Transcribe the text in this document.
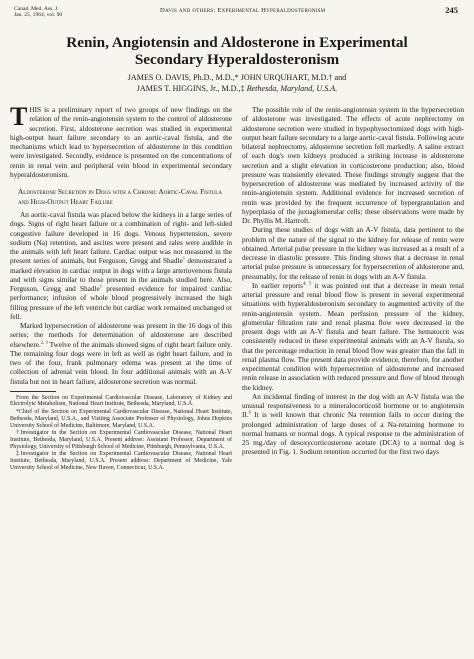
Canad. Med. Ass. J.
Jan. 25, 1964, vol. 90
Davis and others: Experimental Hyperaldosteronism	245
Renin, Angiotensin and Aldosterone in Experimental
Secondary Hyperaldosteronism
JAMES O. DAVIS, Ph.D., M.D.,* JOHN URQUHART, M.D.† and
JAMES T. HIGGINS, Jr., M.D.,‡ Bethesda, Maryland, U.S.A.

THIS is a preliminary report of two groups of new findings on the relation of the renin-angiotensin system to the control of aldosterone secretion. First, aldosterone secretion was studied in experimental high-output heart failure secondary to an aortic-caval fistula, and the mechanisms which lead to hypersecretion of aldosterone in this condition were investigated. Secondly, evidence is presented on the concentrations of renin in renal vein and peripheral vein blood in experimental secondary hyperaldosteronism.

Aldosterone Secretion in Dogs with a Chronic Aortic-Caval Fistula and High-Output Heart Failure

An aortic-caval fistula was placed below the kidneys in a large series of dogs. Signs of right heart failure or a combination of right- and left-sided congestive failure developed in 16 dogs. Venous hypertension, severe sodium (Na) retention, and ascites were present and rales were audible in the animals with left heart failure. Cardiac output was not measured in the present series of animals, but Ferguson, Gregg and Shadle$^1$ demonstrated a marked elevation in cardiac output in dogs with a large arteriovenous fistula and with signs similar to those present in the animals studied here. Also, Ferguson, Gregg and Shadle$^1$ presented evidence for impaired cardiac performance; infusion of whole blood progressively increased the high filling pressure of the left ventricle but cardiac work remained unchanged or fell.

Marked hypersecretion of aldosterone was present in the 16 dogs of this series; the methods for determination of aldosterone are described elsewhere.$^{2, 3}$ Twelve of the animals showed signs of right heart failure only. The remaining four dogs were in left as well as right heart failure, and in two of the four, frank pulmonary edema was present at the time of collection of adrenal vein blood. In four additional animals with an A-V fistula but not in heart failure, aldosterone secretion was normal.

From the Section on Experimental Cardiovascular Disease, Laboratory of Kidney and Electrolyte Metabolism, National Heart Institute, Bethesda, Maryland, U.S.A.

*Chief of the Section on Experimental Cardiovascular Disease, National Heart Institute, Bethesda, Maryland, U.S.A., and Visiting Associate Professor of Physiology, Johns Hopkins University School of Medicine, Baltimore, Maryland, U.S.A.

†Investigator in the Section on Experimental Cardiovascular Disease, National Heart Institute, Bethesda, Maryland, U.S.A. Present address: Assistant Professor, Department of Physiology, University of Pittsburgh School of Medicine, Pittsburgh, Pennsylvania, U.S.A.

‡Investigator in the Section on Experimental Cardiovascular Disease, National Heart Institute, Bethesda, Maryland, U.S.A. Present address: Department of Medicine, Yale University School of Medicine, New Haven, Connecticut, U.S.A.

The possible role of the renin-angiotensin system in the hypersecretion of aldosterone was investigated. The effects of acute nephrectomy on aldosterone secretion were studied in hypophysectomized dogs with high-output heart failure secondary to a large aortic-caval fistula. Following acute bilateral nephrectomy, aldosterone secretion fell markedly. A saline extract of each dog's own kidneys produced a striking increase in aldosterone secretion and a slight elevation in corticosterone production; also, blood pressure was transiently elevated. These findings strongly suggest that the hypersecretion of aldosterone was mediated by increased activity of the renin-angiotensin system. Additional evidence for increased secretion of renin was provided by the frequent occurrence of hypergranulation and hyperplasia of the juxtaglomerular cells; these observations were made by Dr. Phyllis M. Hartroft.

During these studies of dogs with an A-V fistula, data pertinent to the problem of the nature of the signal to the kidney for release of renin were obtained. Arterial pulse pressure in the kidney was increased as a result of a decrease in diastolic pressure. This finding shows that a decrease in renal arterial pulse pressure is unnecessary for hypersecretion of aldosterone and, presumably, for the release of renin in dogs with an A-V fistula.

In earlier reports$^{4, 5}$ it was pointed out that a decrease in mean renal arterial pressure and renal blood flow is present in several experimental situations with hyperaldosteronism secondary to augmented activity of the renin-angiotensin system. Mean perfusion pressure of the kidney, glomerular filtration rate and renal plasma flow were decreased in the present dogs with an A-V fistula and heart failure. The hematocrit was consistently reduced in these experimental animals with an A-V fistula, so that the percentage reduction in renal blood flow was greater than the fall in renal plasma flow. The present data provide evidence, therefore, for another experimental condition with hypersecretion of aldosterone and increased renin release in association with reduced pressure and flow of blood through the kidney.

An incidental finding of interest in the dog with an A-V fistula was the unusual responsiveness to a mineralocorticoid hormone or to angiotensin II.$^6$ It is well known that chronic Na retention fails to occur during the prolonged administration of large doses of a Na-retaining hormone to normal humans or normal dogs. A typical response to the administration of 25 mg./day of desoxycorticosterone acetate (DCA) to a normal dog is presented in Fig. 1. Sodium retention occurred for the first two days
